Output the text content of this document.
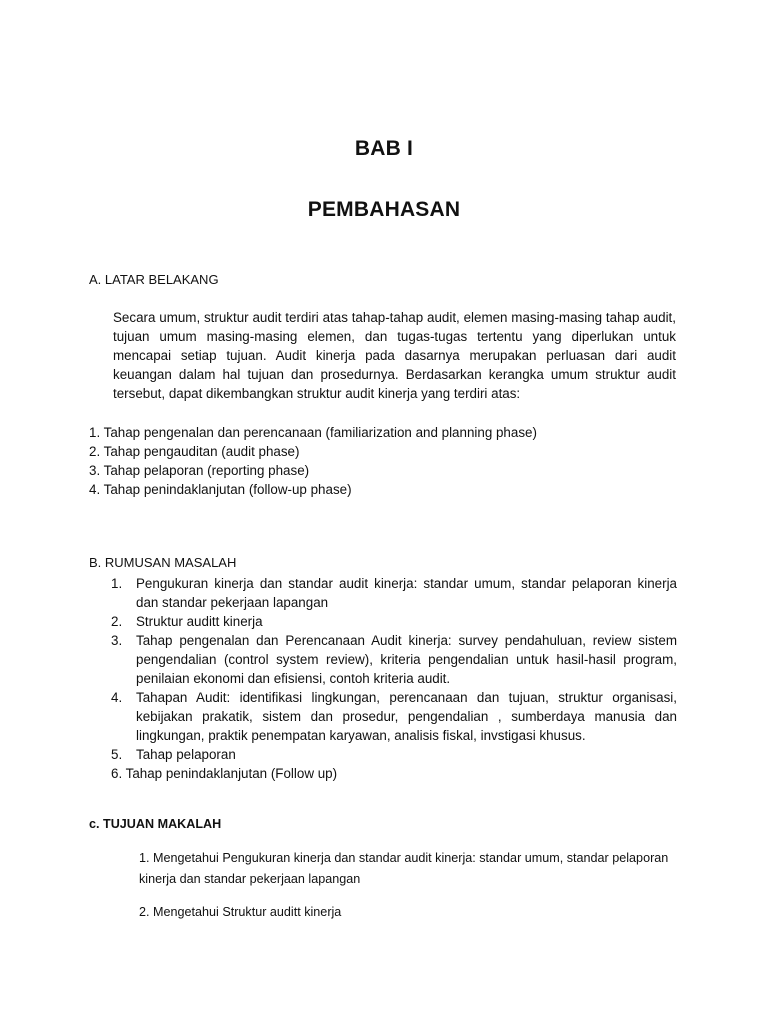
BAB I
PEMBAHASAN
A. LATAR BELAKANG
Secara umum, struktur audit terdiri atas tahap-tahap audit, elemen masing-masing tahap audit, tujuan umum masing-masing elemen, dan tugas-tugas tertentu yang diperlukan untuk mencapai setiap tujuan. Audit kinerja pada dasarnya merupakan perluasan dari audit keuangan dalam hal tujuan dan prosedurnya. Berdasarkan kerangka umum struktur audit tersebut, dapat dikembangkan struktur audit kinerja yang terdiri atas:
1. Tahap pengenalan dan perencanaan (familiarization and planning phase)
2. Tahap pengauditan (audit phase)
3. Tahap pelaporan (reporting phase)
4. Tahap penindaklanjutan (follow-up phase)
B. RUMUSAN MASALAH
1. Pengukuran kinerja dan standar audit kinerja: standar umum, standar pelaporan kinerja dan standar pekerjaan lapangan
2. Struktur auditt kinerja
3. Tahap pengenalan dan Perencanaan Audit kinerja: survey pendahuluan, review sistem pengendalian (control system review), kriteria pengendalian untuk hasil-hasil program, penilaian ekonomi dan efisiensi, contoh kriteria audit.
4. Tahapan Audit: identifikasi lingkungan, perencanaan dan tujuan, struktur organisasi, kebijakan prakatik, sistem dan prosedur, pengendalian , sumberdaya manusia dan lingkungan, praktik penempatan karyawan, analisis fiskal, invstigasi khusus.
5. Tahap pelaporan
6. Tahap penindaklanjutan (Follow up)
c. TUJUAN MAKALAH
1. Mengetahui Pengukuran kinerja dan standar audit kinerja: standar umum, standar pelaporan kinerja dan standar pekerjaan lapangan
2. Mengetahui Struktur auditt kinerja
